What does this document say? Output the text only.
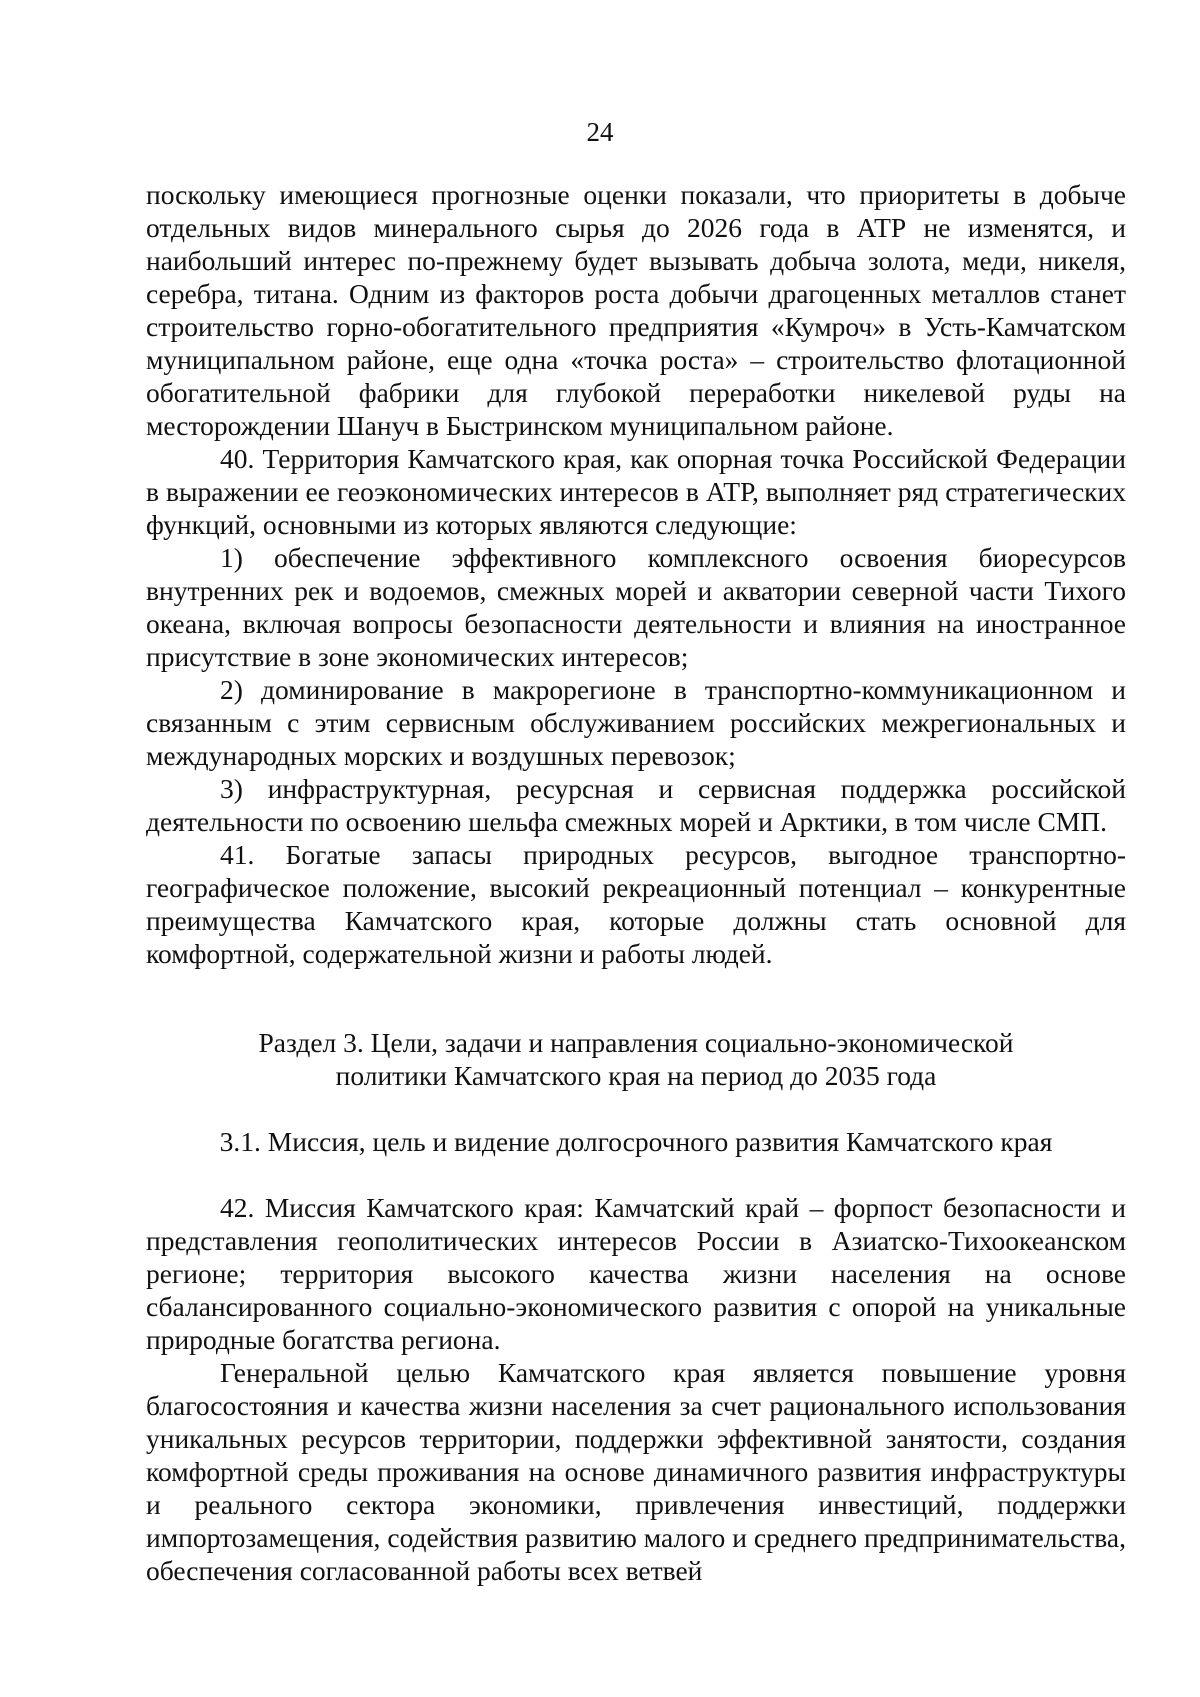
24

поскольку имеющиеся прогнозные оценки показали, что приоритеты в добыче отдельных видов минерального сырья до 2026 года в АТР не изменятся, и наибольший интерес по-прежнему будет вызывать добыча золота, меди, никеля, серебра, титана. Одним из факторов роста добычи драгоценных металлов станет строительство горно-обогатительного предприятия «Кумроч» в Усть-Камчатском муниципальном районе, еще одна «точка роста» – строительство флотационной обогатительной фабрики для глубокой переработки никелевой руды на месторождении Шануч в Быстринском муниципальном районе.

40. Территория Камчатского края, как опорная точка Российской Федерации в выражении ее геоэкономических интересов в АТР, выполняет ряд стратегических функций, основными из которых являются следующие:

1) обеспечение эффективного комплексного освоения биоресурсов внутренних рек и водоемов, смежных морей и акватории северной части Тихого океана, включая вопросы безопасности деятельности и влияния на иностранное присутствие в зоне экономических интересов;

2) доминирование в макрорегионе в транспортно-коммуникационном и связанным с этим сервисным обслуживанием российских межрегиональных и международных морских и воздушных перевозок;

3) инфраструктурная, ресурсная и сервисная поддержка российской деятельности по освоению шельфа смежных морей и Арктики, в том числе СМП.

41. Богатые запасы природных ресурсов, выгодное транспортно-географическое положение, высокий рекреационный потенциал – конкурентные преимущества Камчатского края, которые должны стать основной для комфортной, содержательной жизни и работы людей.

Раздел 3. Цели, задачи и направления социально-экономической

политики Камчатского края на период до 2035 года

3.1. Миссия, цель и видение долгосрочного развития Камчатского края

42. Миссия Камчатского края: Камчатский край – форпост безопасности и представления геополитических интересов России в Азиатско-Тихоокеанском регионе; территория высокого качества жизни населения на основе сбалансированного социально-экономического развития с опорой на уникальные природные богатства региона.

Генеральной целью Камчатского края является повышение уровня благосостояния и качества жизни населения за счет рационального использования уникальных ресурсов территории, поддержки эффективной занятости, создания комфортной среды проживания на основе динамичного развития инфраструктуры и реального сектора экономики, привлечения инвестиций, поддержки импортозамещения, содействия развитию малого и среднего предпринимательства, обеспечения согласованной работы всех ветвей
